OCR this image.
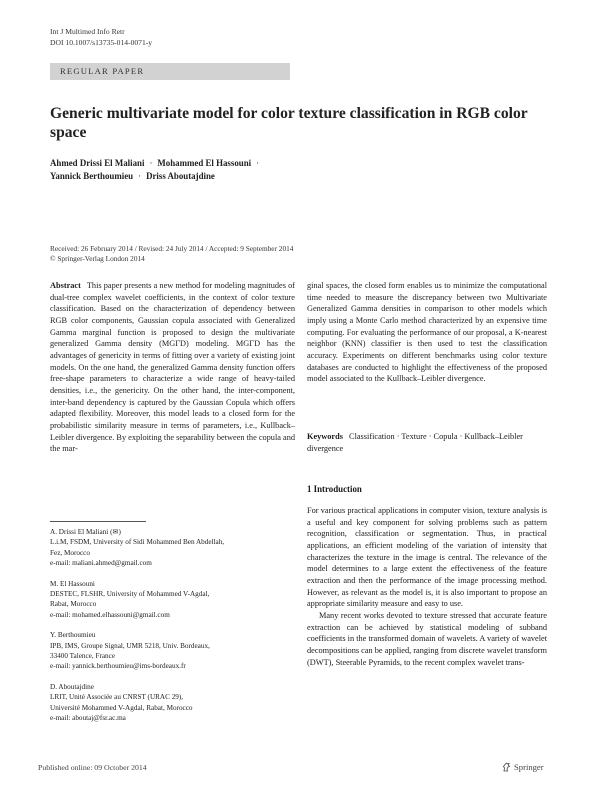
Int J Multimed Info Retr
DOI 10.1007/s13735-014-0071-y
REGULAR PAPER
Generic multivariate model for color texture classification in RGB color space
Ahmed Drissi El Maliani · Mohammed El Hassouni ·
Yannick Berthoumieu · Driss Aboutajdine
Received: 26 February 2014 / Revised: 24 July 2014 / Accepted: 9 September 2014
© Springer-Verlag London 2014
Abstract This paper presents a new method for modeling magnitudes of dual-tree complex wavelet coefficients, in the context of color texture classification. Based on the characterization of dependency between RGB color components, Gaussian copula associated with Generalized Gamma marginal function is proposed to design the multivariate generalized Gamma density (MGΓD) modeling. MGΓD has the advantages of genericity in terms of fitting over a variety of existing joint models. On the one hand, the generalized Gamma density function offers free-shape parameters to characterize a wide range of heavy-tailed densities, i.e., the genericity. On the other hand, the inter-component, inter-band dependency is captured by the Gaussian Copula which offers adapted flexibility. Moreover, this model leads to a closed form for the probabilistic similarity measure in terms of parameters, i.e., Kullback–Leibler divergence. By exploiting the separability between the copula and the mar-
ginal spaces, the closed form enables us to minimize the computational time needed to measure the discrepancy between two Multivariate Generalized Gamma densities in comparison to other models which imply using a Monte Carlo method characterized by an expensive time computing. For evaluating the performance of our proposal, a K-nearest neighbor (KNN) classifier is then used to test the classification accuracy. Experiments on different benchmarks using color texture databases are conducted to highlight the effectiveness of the proposed model associated to the Kullback–Leibler divergence.
Keywords Classification · Texture · Copula · Kullback–Leibler divergence
1 Introduction

For various practical applications in computer vision, texture analysis is a useful and key component for solving problems such as pattern recognition, classification or segmentation. Thus, in practical applications, an efficient modeling of the variation of intensity that characterizes the texture in the image is central. The relevance of the model determines to a large extent the effectiveness of the feature extraction and then the performance of the image processing method. However, as relevant as the model is, it is also important to propose an appropriate similarity measure and easy to use.

Many recent works devoted to texture stressed that accurate feature extraction can be achieved by statistical modeling of subband coefficients in the transformed domain of wavelets. A variety of wavelet decompositions can be applied, ranging from discrete wavelet transform (DWT), Steerable Pyramids, to the recent complex wavelet trans-

A. Drissi El Maliani (✉)
L.i.M, FSDM, University of Sidi Mohammed Ben Abdellah,
Fez, Morocco
e-mail: maliani.ahmed@gmail.com
M. El Hassouni
DESTEC, FLSHR, University of Mohammed V-Agdal,
Rabat, Morocco
e-mail: mohamed.elhassouni@gmail.com
Y. Berthoumieu
IPB, IMS, Groupe Signal, UMR 5218, Univ. Bordeaux,
33400 Talence, France
e-mail: yannick.berthoumieu@ims-bordeaux.fr
D. Aboutajdine
LRIT, Unité Associée au CNRST (URAC 29),
Université Mohammed V-Agdal, Rabat, Morocco
e-mail: aboutaj@fsr.ac.ma
Published online: 09 October 2014	Springer
